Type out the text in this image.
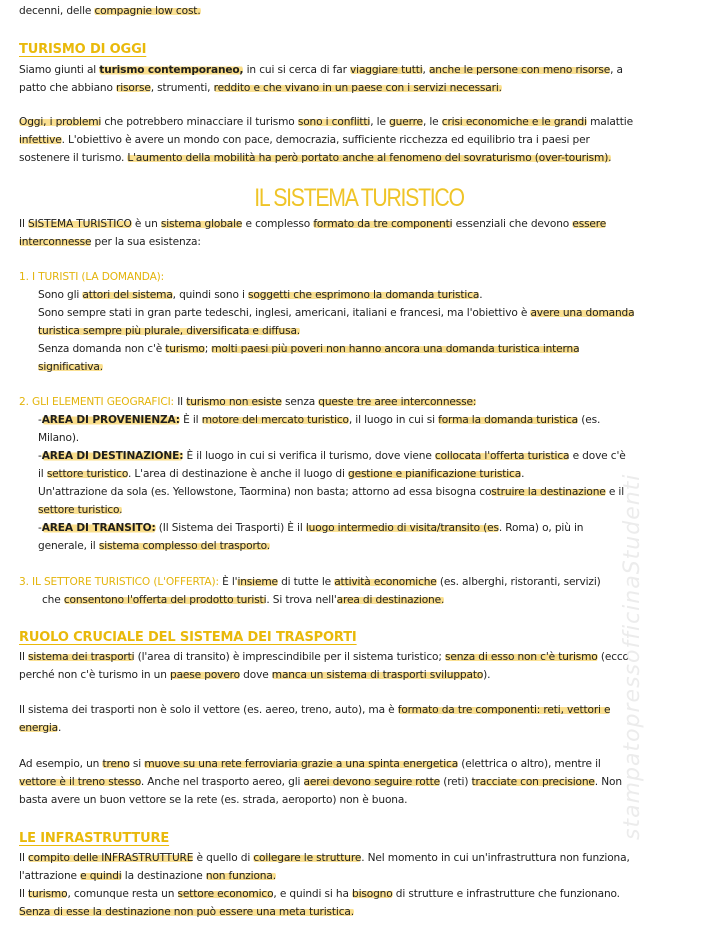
decenni, delle compagnie low cost.
TURISMO DI OGGI
Siamo giunti al turismo contemporaneo, in cui si cerca di far viaggiare tutti, anche le persone con meno risorse, a
patto che abbiano risorse, strumenti, reddito e che vivano in un paese con i servizi necessari.
Oggi, i problemi che potrebbero minacciare il turismo sono i conflitti, le guerre, le crisi economiche e le grandi malattie
infettive. L'obiettivo è avere un mondo con pace, democrazia, sufficiente ricchezza ed equilibrio tra i paesi per
sostenere il turismo. L'aumento della mobilità ha però portato anche al fenomeno del sovraturismo (over-tourism).
IL SISTEMA TURISTICO
Il SISTEMA TURISTICO è un sistema globale e complesso formato da tre componenti essenziali che devono essere
interconnesse per la sua esistenza:
1. I TURISTI (LA DOMANDA):
Sono gli attori del sistema, quindi sono i soggetti che esprimono la domanda turistica.
Sono sempre stati in gran parte tedeschi, inglesi, americani, italiani e francesi, ma l'obiettivo è avere una domanda
turistica sempre più plurale, diversificata e diffusa.
Senza domanda non c'è turismo; molti paesi più poveri non hanno ancora una domanda turistica interna
significativa.
2. GLI ELEMENTI GEOGRAFICI: Il turismo non esiste senza queste tre aree interconnesse:
-AREA DI PROVENIENZA: È il motore del mercato turistico, il luogo in cui si forma la domanda turistica (es.
Milano).
-AREA DI DESTINAZIONE: È il luogo in cui si verifica il turismo, dove viene collocata l'offerta turistica e dove c'è
il settore turistico. L'area di destinazione è anche il luogo di gestione e pianificazione turistica.
Un'attrazione da sola (es. Yellowstone, Taormina) non basta; attorno ad essa bisogna costruire la destinazione e il
settore turistico.
-AREA DI TRANSITO: (Il Sistema dei Trasporti) È il luogo intermedio di visita/transito (es. Roma) o, più in
generale, il sistema complesso del trasporto.
3. IL SETTORE TURISTICO (L'OFFERTA): È l'insieme di tutte le attività economiche (es. alberghi, ristoranti, servizi)
che consentono l'offerta del prodotto turisti. Si trova nell'area di destinazione.
RUOLO CRUCIALE DEL SISTEMA DEI TRASPORTI
Il sistema dei trasporti (l'area di transito) è imprescindibile per il sistema turistico; senza di esso non c'è turismo (ecco
perché non c'è turismo in un paese povero dove manca un sistema di trasporti sviluppato).
Il sistema dei trasporti non è solo il vettore (es. aereo, treno, auto), ma è formato da tre componenti: reti, vettori e
energia.
Ad esempio, un treno si muove su una rete ferroviaria grazie a una spinta energetica (elettrica o altro), mentre il
vettore è il treno stesso. Anche nel trasporto aereo, gli aerei devono seguire rotte (reti) tracciate con precisione. Non
basta avere un buon vettore se la rete (es. strada, aeroporto) non è buona.
LE INFRASTRUTTURE
Il compito delle INFRASTRUTTURE è quello di collegare le strutture. Nel momento in cui un'infrastruttura non funziona,
l'attrazione e quindi la destinazione non funziona.
Il turismo, comunque resta un settore economico, e quindi si ha bisogno di strutture e infrastrutture che funzionano.
Senza di esse la destinazione non può essere una meta turistica.
stampatopressofficinaStudenti
